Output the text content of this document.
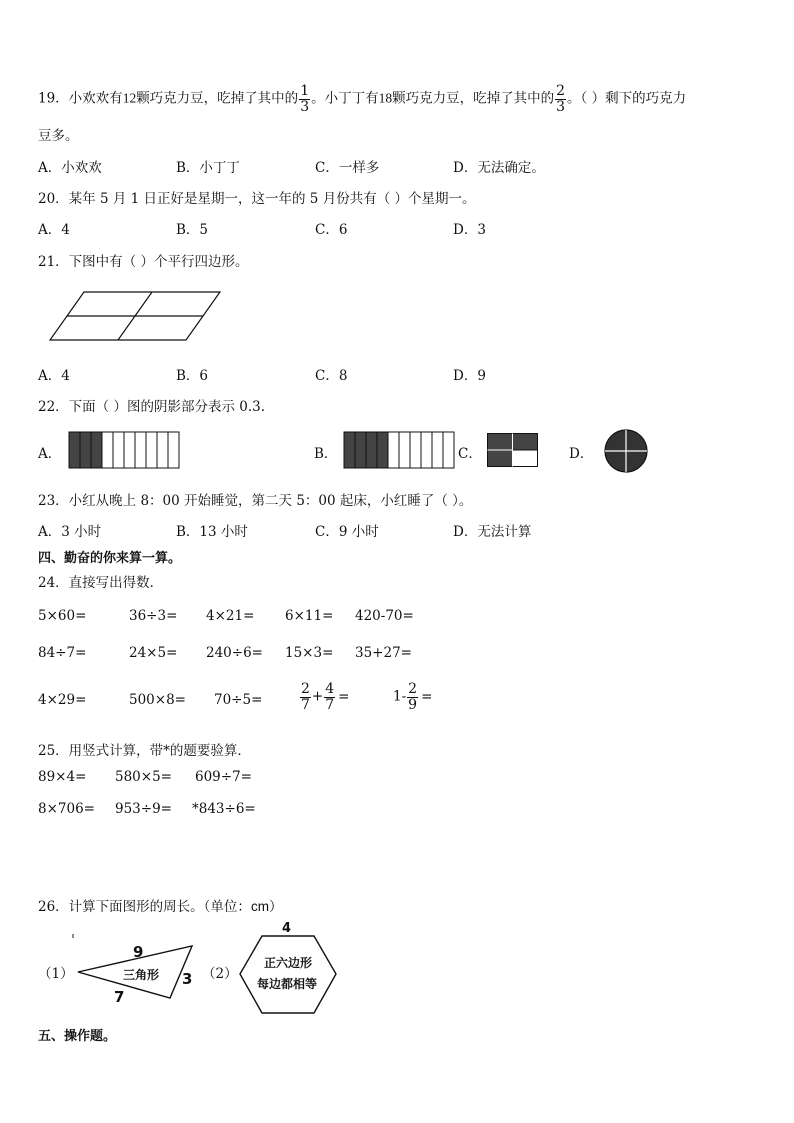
19．小欢欢有12颗巧克力豆，吃掉了其中的 $\frac{1}{3}$ 。小丁丁有18颗巧克力豆，吃掉了其中的 $\frac{2}{3}$ 。（ ）剩下的巧克力
豆多。
A．小欢欢	B．小丁丁	C．一样多	D．无法确定。
20．某年 5 月 1 日正好是星期一，这一年的 5 月份共有（ ）个星期一。
A．4	B．5	C．6	D．3
21．下图中有（ ）个平行四边形。
A．4	B．6	C．8	D．9
22．下面（ ）图的阴影部分表示 0.3.
A．	B．	C．	D．
23．小红从晚上 8：00 开始睡觉，第二天 5：00 起床，小红睡了（ ）。
A．3 小时	B．13 小时	C．9 小时	D．无法计算
四、勤奋的你来算一算。
24．直接写出得数．
5×60=	36÷3= 4×21= 6×11= 420-70=
84÷7=	24×5= 240÷6= 15×3= 35+27=
4×29=	500×8= 70÷5=	$\frac{2}{7} + \frac{4}{7}$ =	$1- \frac{2}{9}$ =
25．用竖式计算，带*的题要验算．
89×4= 580×5= 609÷7=
8×706= 953÷9= *843÷6=
26．计算下面图形的周长。（单位：cm）
（1）
9
3
7
三角形	（2）
4
正六边形
每边都相等
五、操作题。
